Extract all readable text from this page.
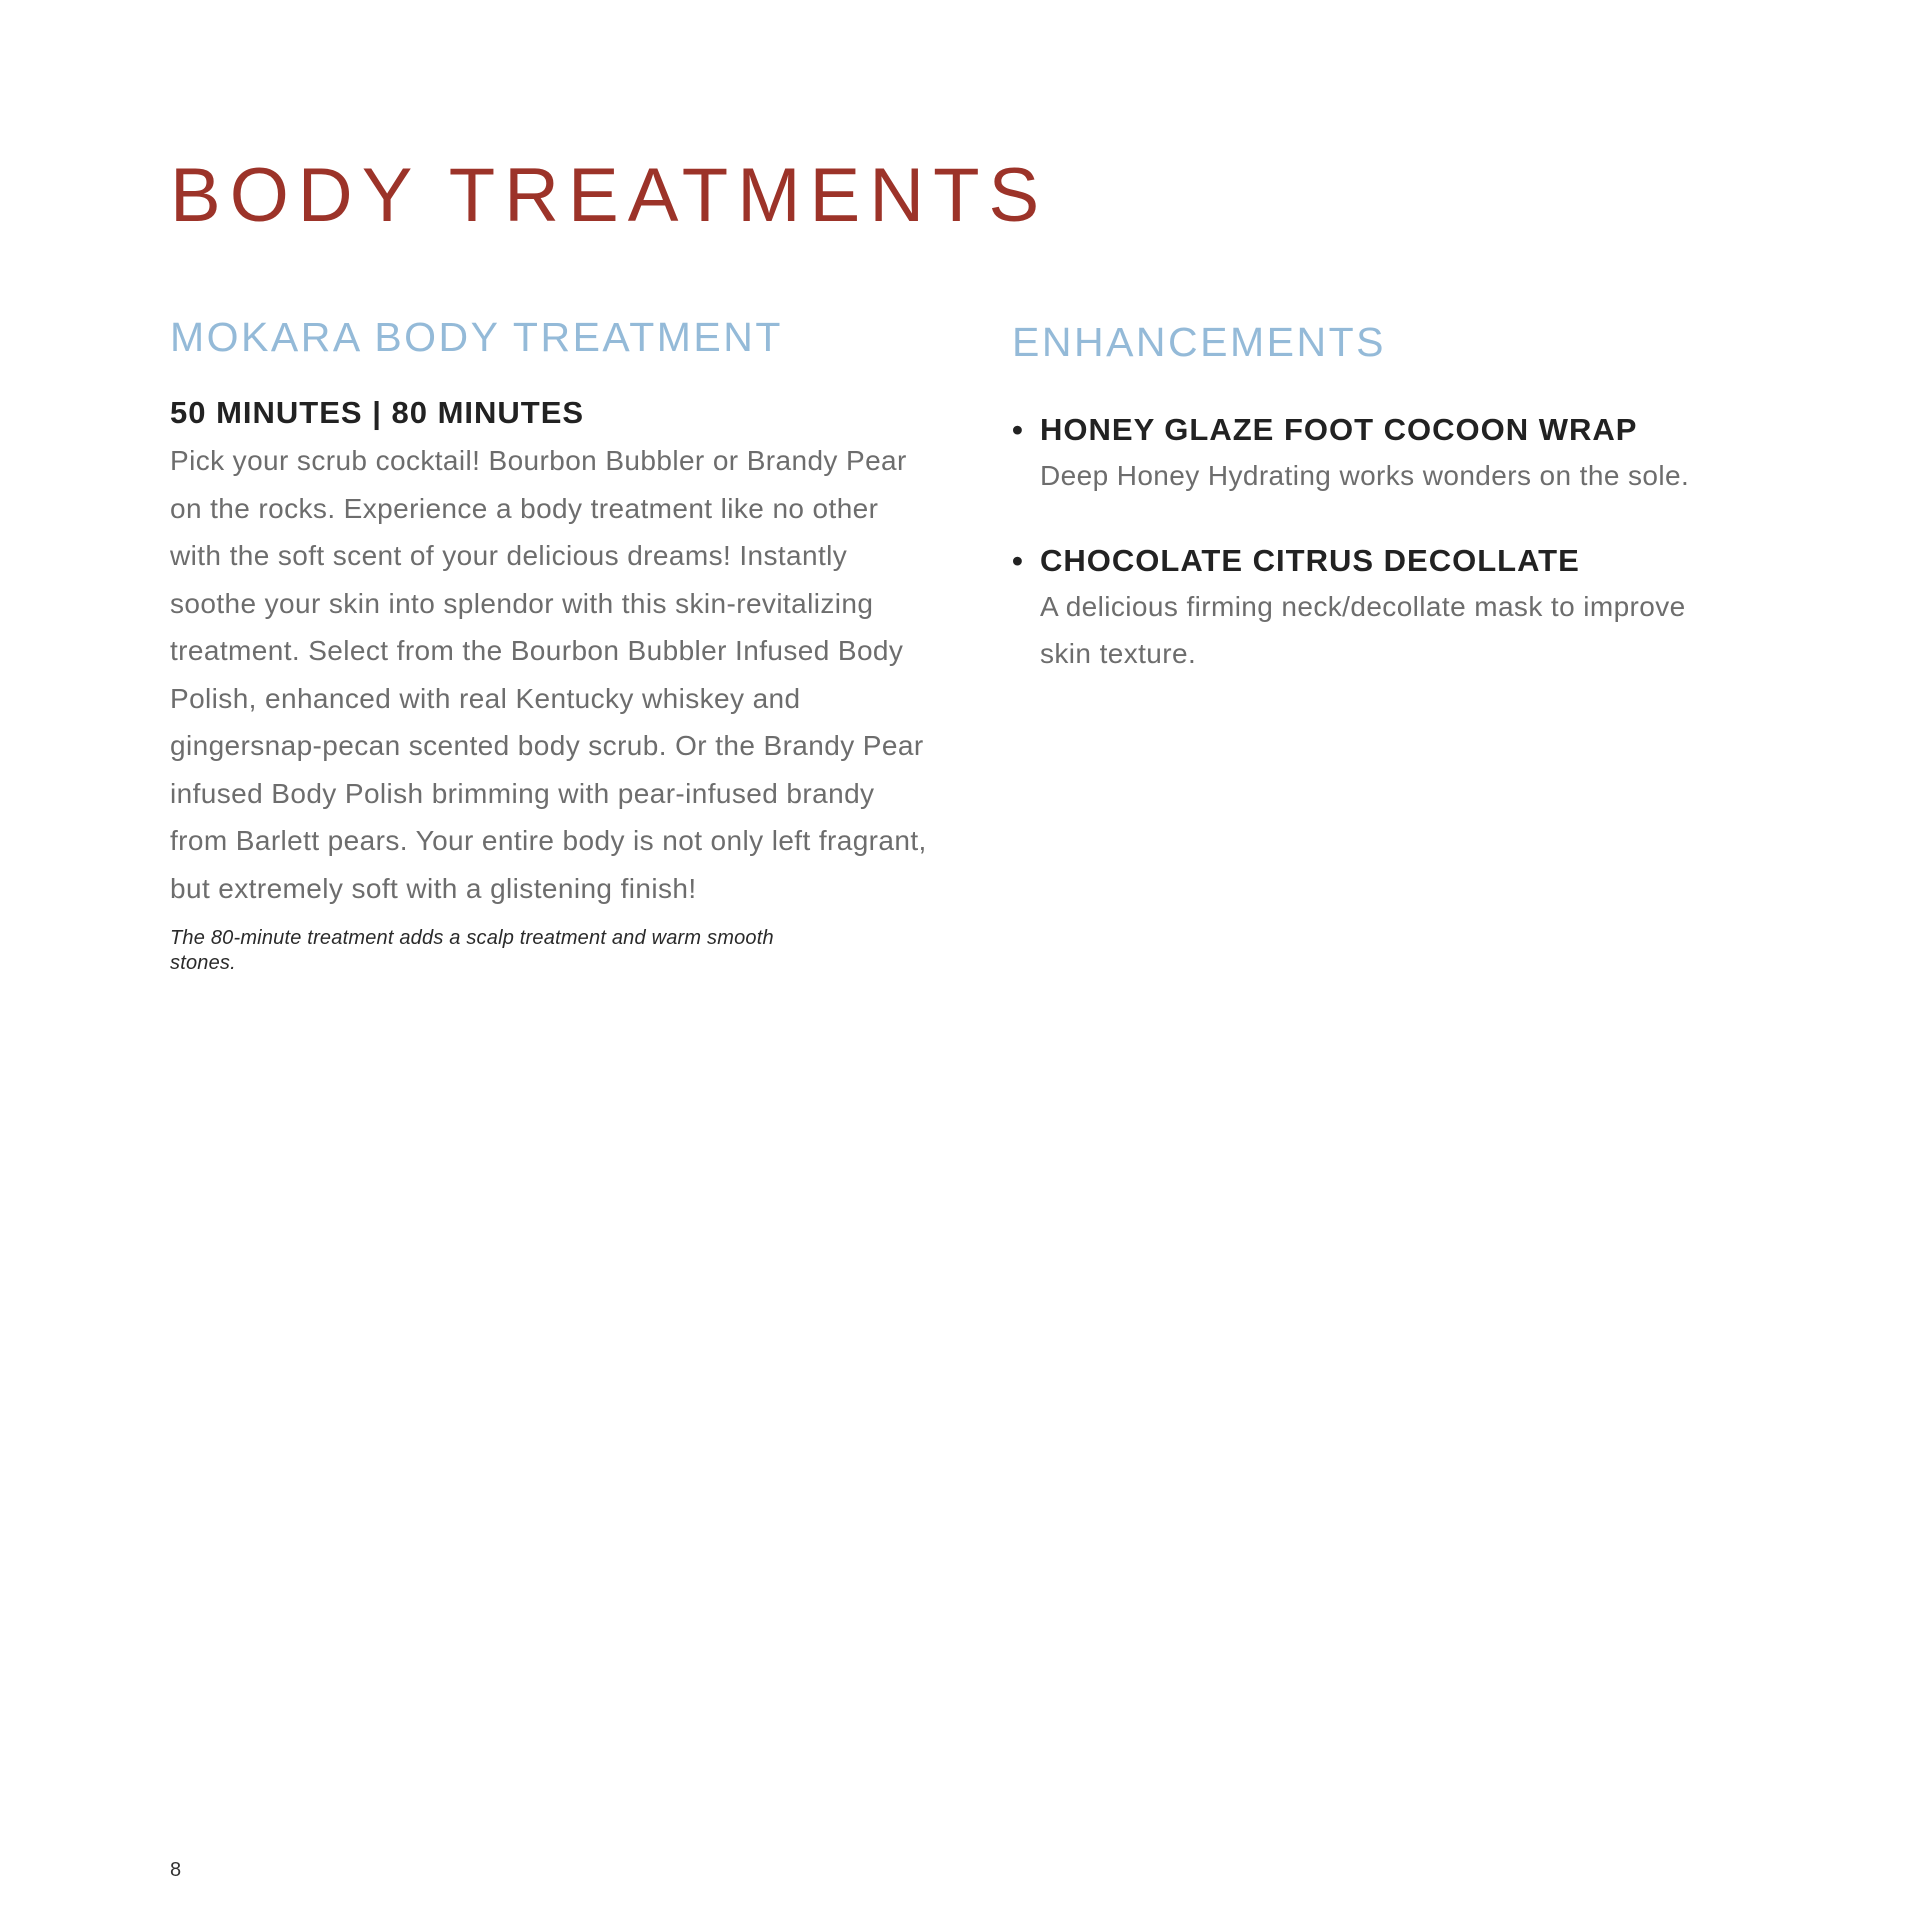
BODY TREATMENTS
MOKARA BODY TREATMENT
50 MINUTES | 80 MINUTES

Pick your scrub cocktail! Bourbon Bubbler or Brandy Pear on the rocks. Experience a body treatment like no other with the soft scent of your delicious dreams! Instantly soothe your skin into splendor with this skin-revitalizing treatment. Select from the Bourbon Bubbler Infused Body Polish, enhanced with real Kentucky whiskey and gingersnap-pecan scented body scrub. Or the Brandy Pear infused Body Polish brimming with pear-infused brandy from Barlett pears. Your entire body is not only left fragrant, but extremely soft with a glistening finish!

The 80-minute treatment adds a scalp treatment and warm smooth stones.

ENHANCEMENTS
• HONEY GLAZE FOOT COCOON WRAP
Deep Honey Hydrating works wonders on the sole.
• CHOCOLATE CITRUS DECOLLATE
A delicious firming neck/decollate mask to improve skin texture.
8
